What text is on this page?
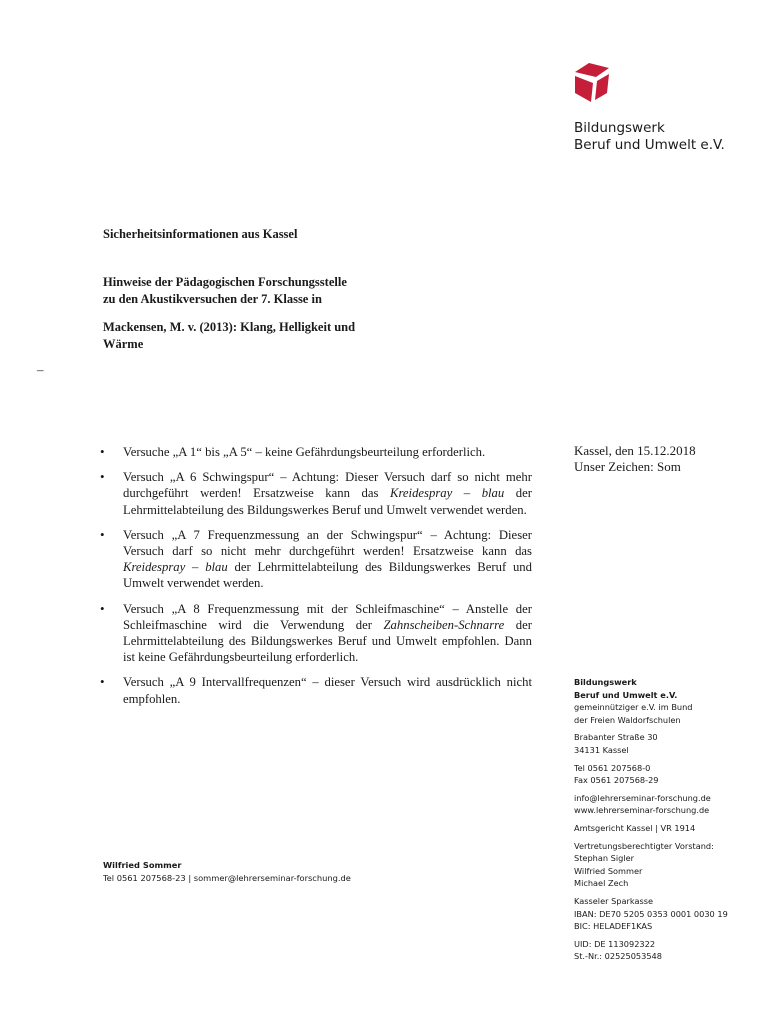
Bildungswerk
Beruf und Umwelt e.V.
Sicherheitsinformationen aus Kassel
Hinweise der Pädagogischen Forschungsstelle
zu den Akustikversuchen der 7. Klasse in
Mackensen, M. v. (2013): Klang, Helligkeit und
Wärme
–
Kassel, den 15.12.2018
Unser Zeichen: Som
• Versuche „A 1“ bis „A 5“ – keine Gefährdungsbeurteilung erforderlich.
• Versuch „A 6 Schwingspur“ – Achtung: Dieser Versuch darf so nicht mehr durchgeführt werden! Ersatzweise kann das Kreidespray – blau der Lehrmittelabteilung des Bildungswerkes Beruf und Umwelt verwendet werden.
• Versuch „A 7 Frequenzmessung an der Schwingspur“ – Achtung: Dieser Versuch darf so nicht mehr durchgeführt werden! Ersatzweise kann das Kreidespray – blau der Lehrmittelabteilung des Bildungswerkes Beruf und Umwelt verwendet werden.
• Versuch „A 8 Frequenzmessung mit der Schleifmaschine“ – Anstelle der Schleifmaschine wird die Verwendung der Zahnscheiben-Schnarre der Lehrmittelabteilung des Bildungswerkes Beruf und Umwelt empfohlen. Dann ist keine Gefährdungsbeurteilung erforderlich.
• Versuch „A 9 Intervallfrequenzen“ – dieser Versuch wird ausdrücklich nicht empfohlen.
Wilfried Sommer
Tel 0561 207568-23 | sommer@lehrerseminar-forschung.de
Bildungswerk
Beruf und Umwelt e.V.
gemeinnütziger e.V. im Bund
der Freien Waldorfschulen
Brabanter Straße 30
34131 Kassel
Tel 0561 207568-0
Fax 0561 207568-29
info@lehrerseminar-forschung.de
www.lehrerseminar-forschung.de
Amtsgericht Kassel | VR 1914
Vertretungsberechtigter Vorstand:
Stephan Sigler
Wilfried Sommer
Michael Zech
Kasseler Sparkasse
IBAN: DE70 5205 0353 0001 0030 19
BIC: HELADEF1KAS
UID: DE 113092322
St.-Nr.: 02525053548
